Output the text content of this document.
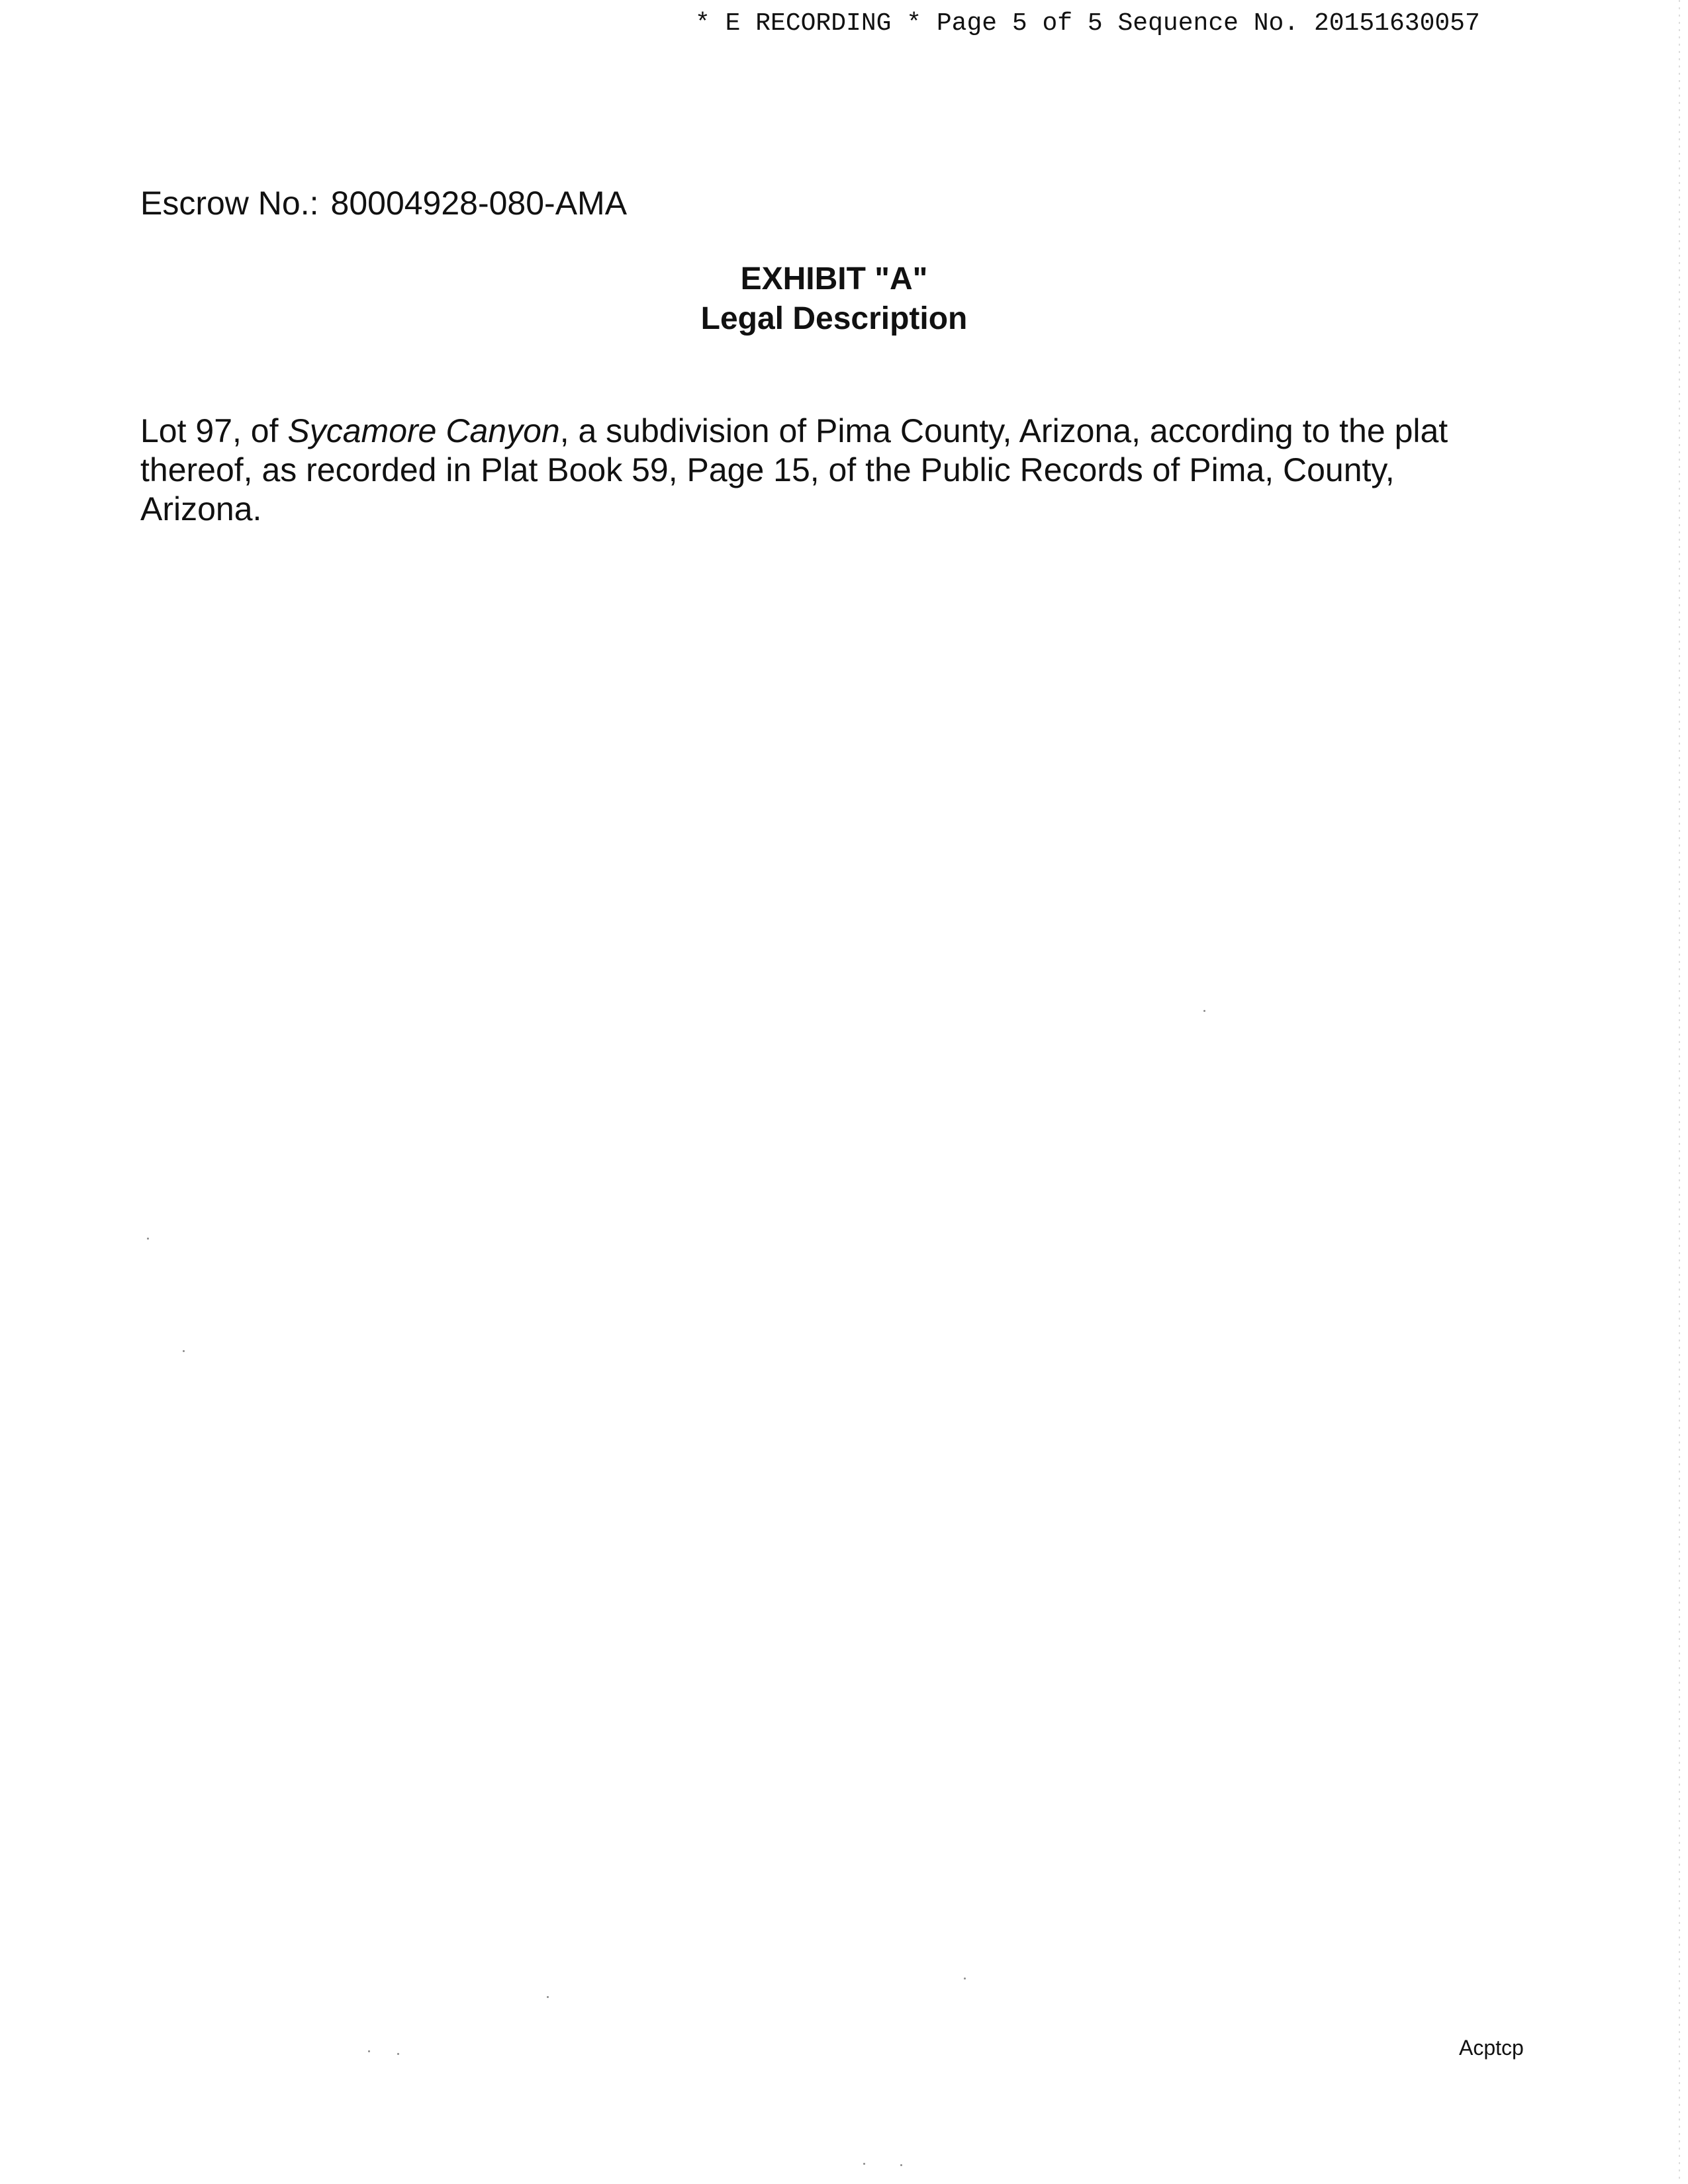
* E RECORDING * Page 5 of 5 Sequence No. 20151630057
Escrow No.: 80004928-080-AMA
EXHIBIT "A"
Legal Description
Lot 97, of Sycamore Canyon, a subdivision of Pima County, Arizona, according to the plat
thereof, as recorded in Plat Book 59, Page 15, of the Public Records of Pima, County,
Arizona.
Acptcp
